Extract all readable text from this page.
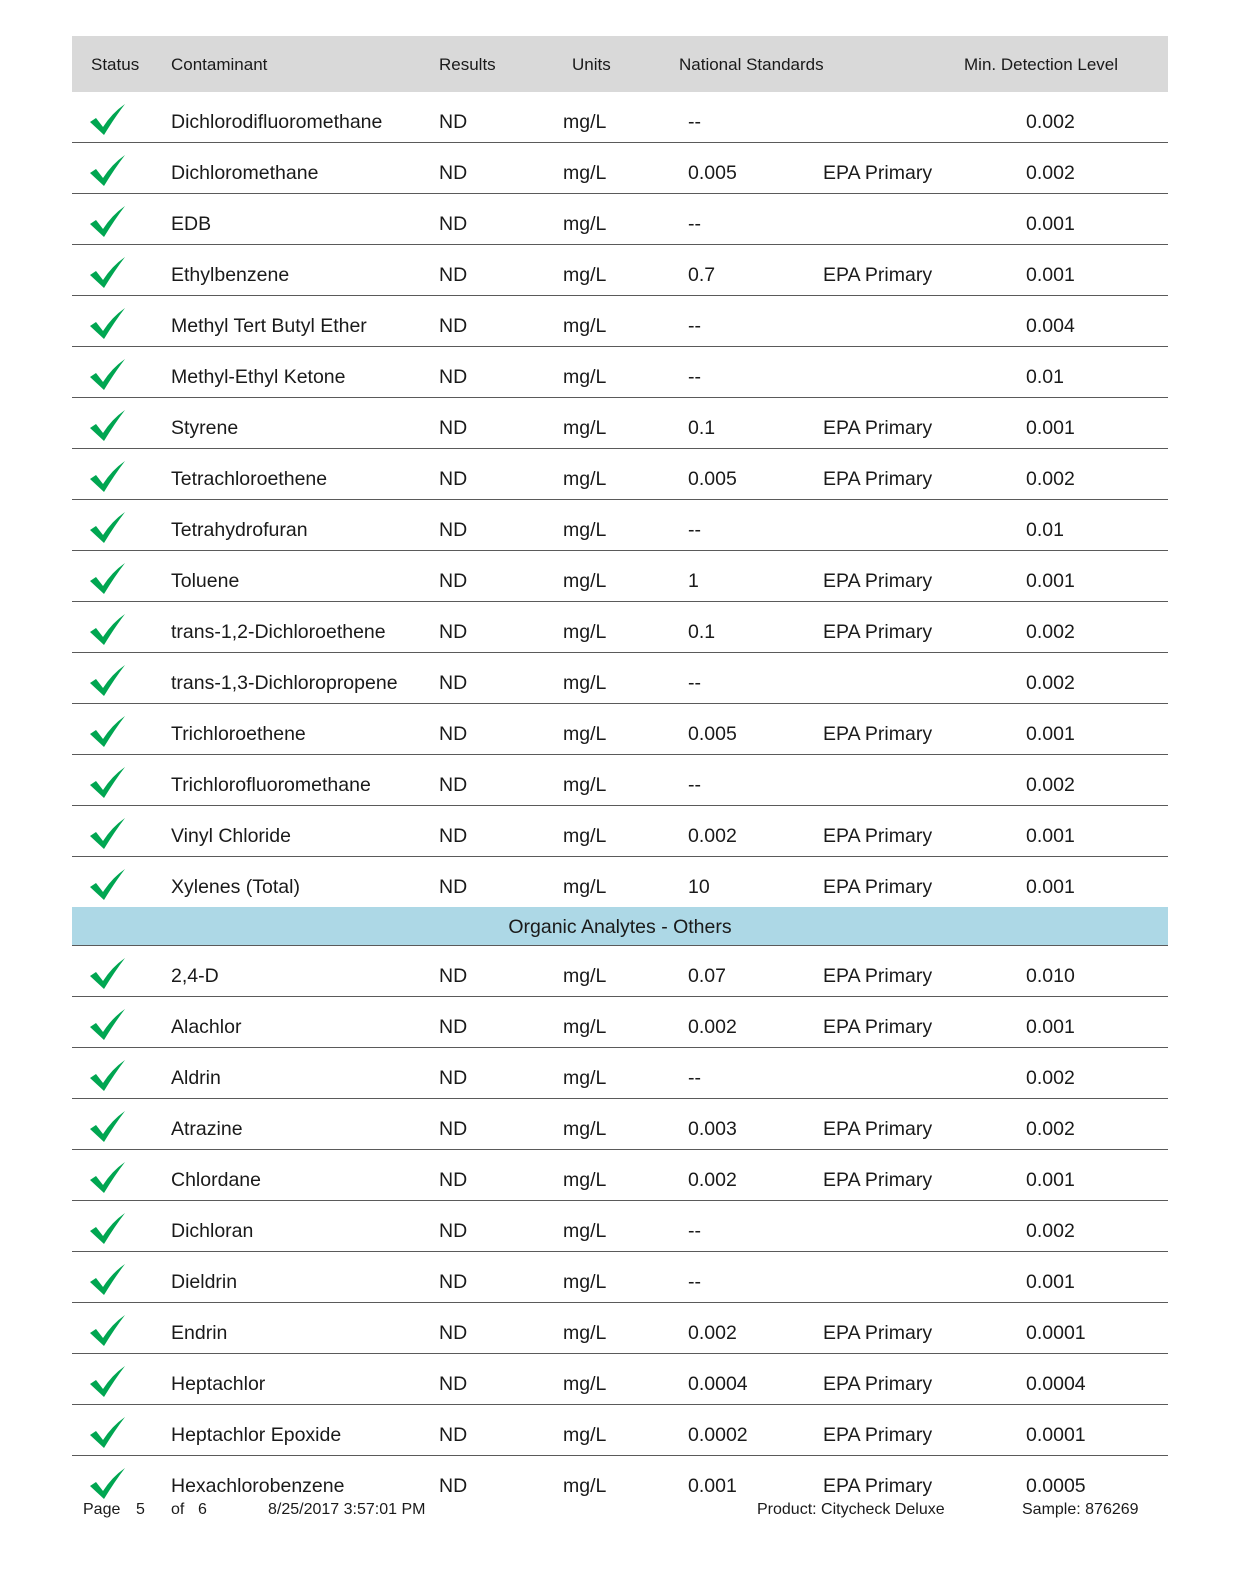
Status Contaminant	Results	Units	National Standards	Min. Detection Level
Dichlorodifluoromethane	ND	mg/L	--	0.002
Dichloromethane	ND	mg/L	0.005	EPA Primary	0.002
EDB	ND	mg/L	--	0.001
Ethylbenzene	ND	mg/L	0.7	EPA Primary	0.001
Methyl Tert Butyl Ether	ND	mg/L	--	0.004
Methyl-Ethyl Ketone	ND	mg/L	--	0.01
Styrene	ND	mg/L	0.1	EPA Primary	0.001
Tetrachloroethene	ND	mg/L	0.005	EPA Primary	0.002
Tetrahydrofuran	ND	mg/L	--	0.01
Toluene	ND	mg/L	1	EPA Primary	0.001
trans-1,2-Dichloroethene	ND	mg/L	0.1	EPA Primary	0.002
trans-1,3-Dichloropropene ND	mg/L	--	0.002
Trichloroethene	ND	mg/L	0.005	EPA Primary	0.001
Trichlorofluoromethane	ND	mg/L	--	0.002
Vinyl Chloride	ND	mg/L	0.002	EPA Primary	0.001
Xylenes (Total)	ND	mg/L	10	EPA Primary	0.001
Organic Analytes - Others
2,4-D	ND	mg/L	0.07	EPA Primary	0.010
Alachlor	ND	mg/L	0.002	EPA Primary	0.001
Aldrin	ND	mg/L	--	0.002
Atrazine	ND	mg/L	0.003	EPA Primary	0.002
Chlordane	ND	mg/L	0.002	EPA Primary	0.001
Dichloran	ND	mg/L	--	0.002
Dieldrin	ND	mg/L	--	0.001
Endrin	ND	mg/L	0.002	EPA Primary	0.0001
Heptachlor	ND	mg/L	0.0004	EPA Primary	0.0004
Heptachlor Epoxide	ND	mg/L	0.0002	EPA Primary	0.0001
Hexachlorobenzene	ND	mg/L	0.001	EPA Primary	0.0005
Page 5 of 6	8/25/2017 3:57:01 PM	Product: Citycheck Deluxe	Sample: 876269
